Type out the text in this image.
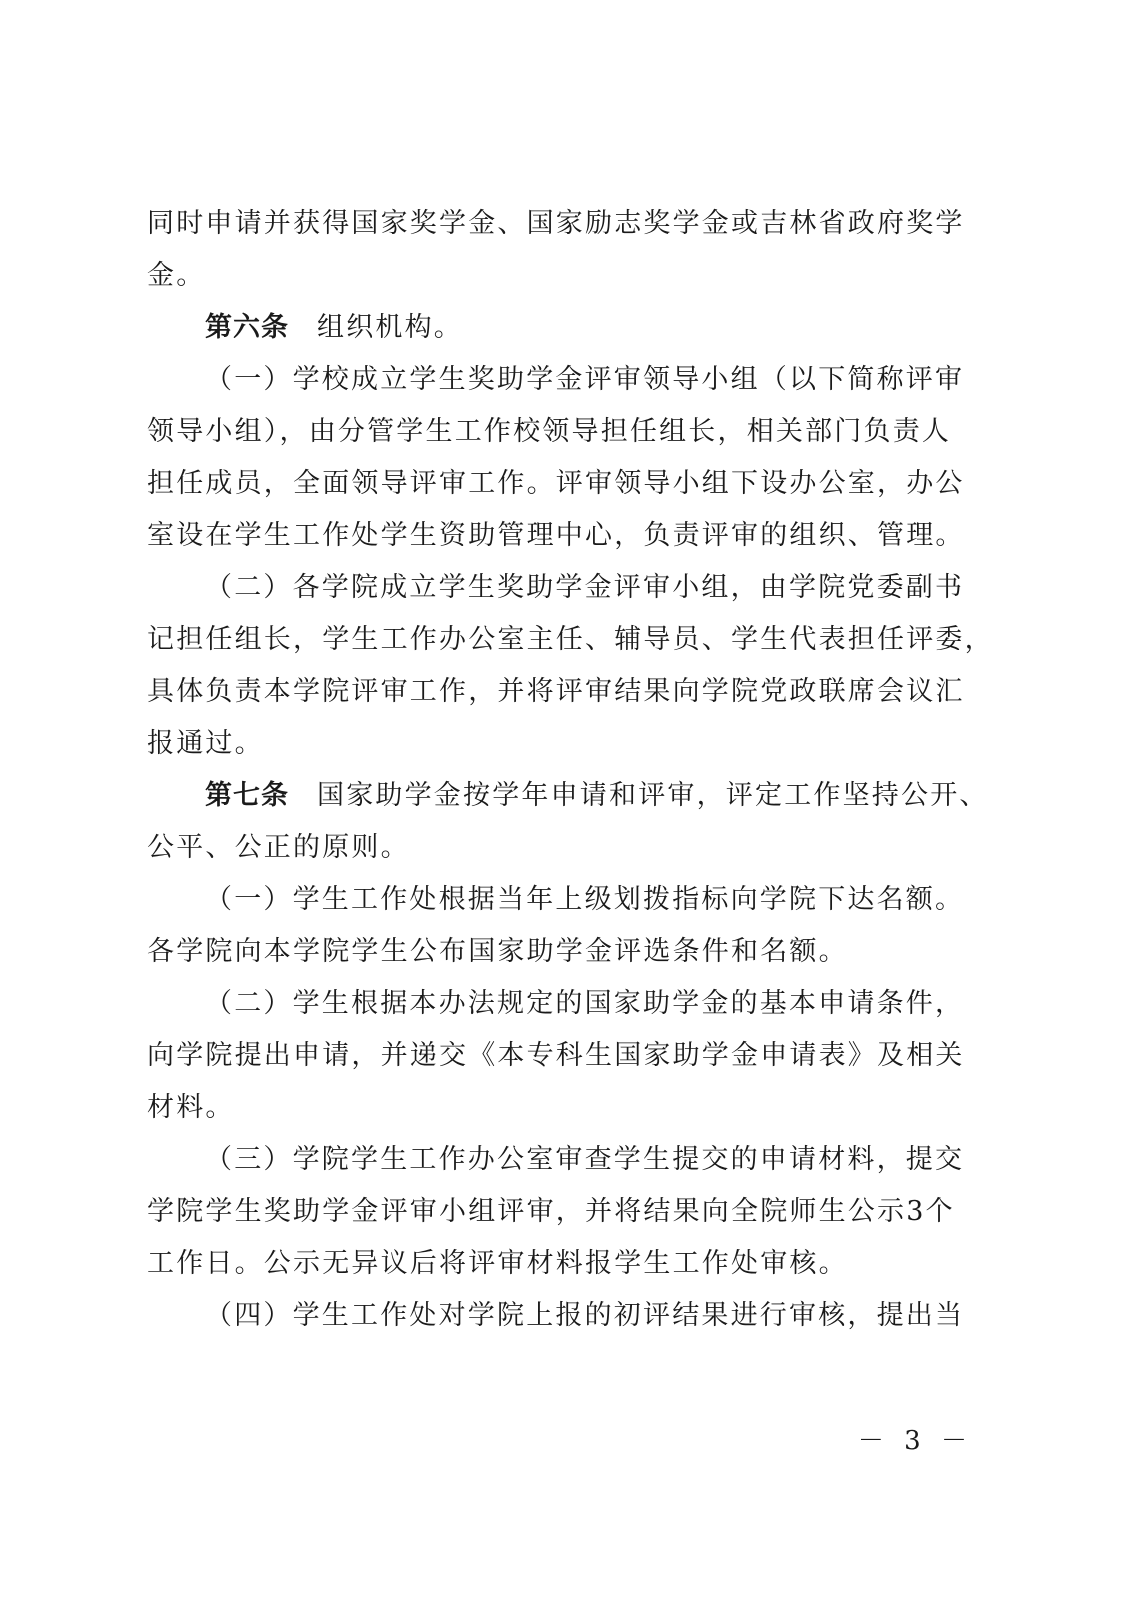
同时申请并获得国家奖学金、国家励志奖学金或吉林省政府奖学
金。
第六条 组织机构。
（一）学校成立学生奖助学金评审领导小组（以下简称评审
领导小组），由分管学生工作校领导担任组长，相关部门负责人
担任成员，全面领导评审工作。评审领导小组下设办公室，办公
室设在学生工作处学生资助管理中心，负责评审的组织、管理。
（二）各学院成立学生奖助学金评审小组，由学院党委副书
记担任组长，学生工作办公室主任、辅导员、学生代表担任评委，
具体负责本学院评审工作，并将评审结果向学院党政联席会议汇
报通过。
第七条 国家助学金按学年申请和评审，评定工作坚持公开、
公平、公正的原则。
（一）学生工作处根据当年上级划拨指标向学院下达名额。
各学院向本学院学生公布国家助学金评选条件和名额。
（二）学生根据本办法规定的国家助学金的基本申请条件，
向学院提出申请，并递交《本专科生国家助学金申请表》及相关
材料。
（三）学院学生工作办公室审查学生提交的申请材料，提交
学院学生奖助学金评审小组评审，并将结果向全院师生公示3个
工作日。公示无异议后将评审材料报学生工作处审核。
（四）学生工作处对学院上报的初评结果进行审核，提出当
－ 3 －
